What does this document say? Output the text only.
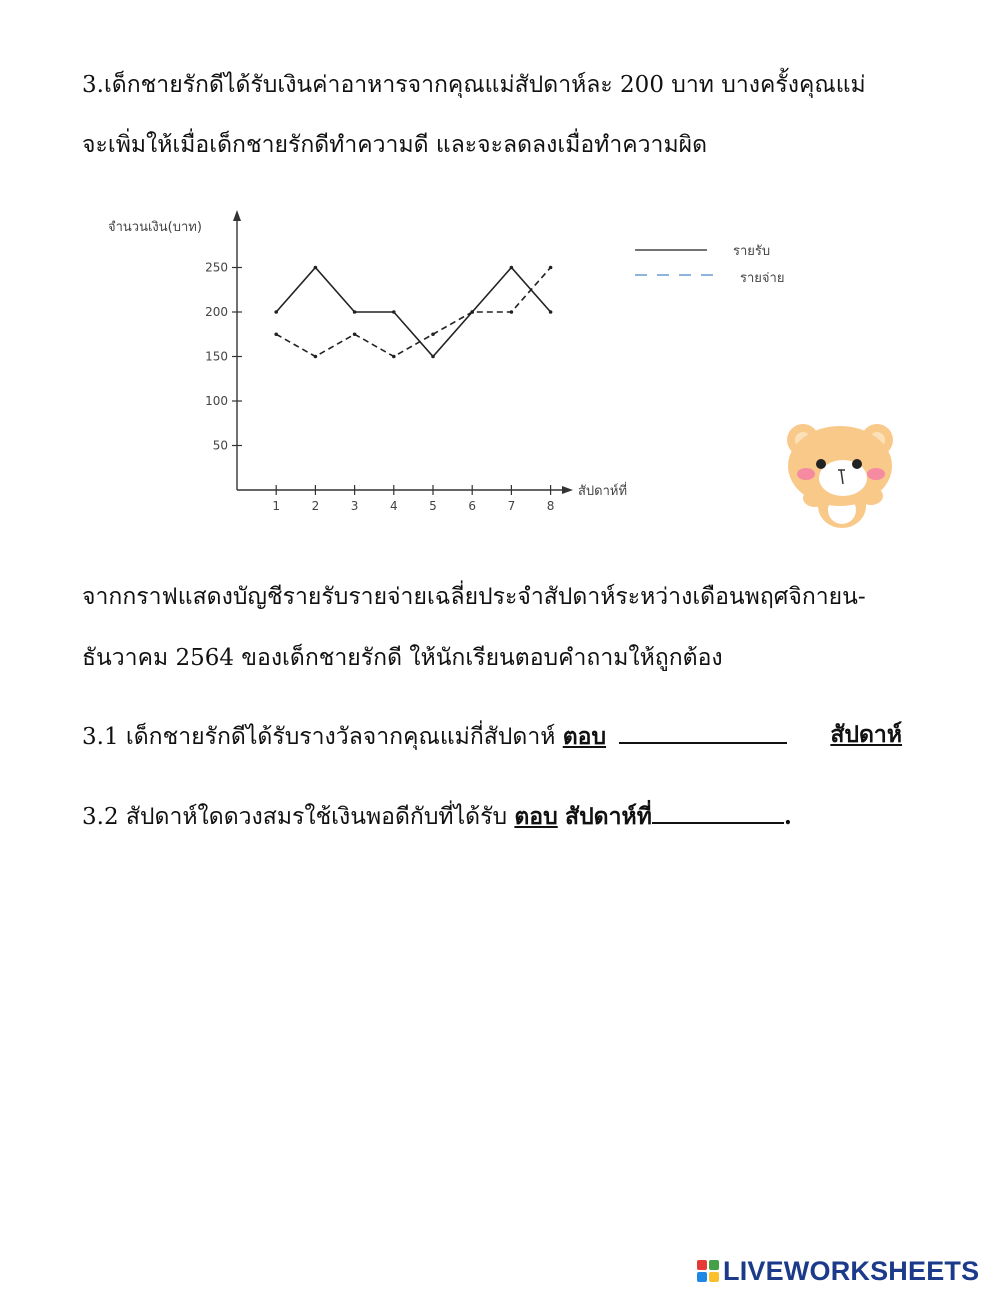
3.เด็กชายรักดีได้รับเงินค่าอาหารจากคุณแม่สัปดาห์ละ 200 บาท บางครั้งคุณแม่

จะเพิ่มให้เมื่อเด็กชายรักดีทำความดี และจะลดลงเมื่อทำความผิด

จำนวนเงิน(บาท)
สัปดาห์ที่
50
100
150
200
250
1	2	3	4	5	6	7	8
รายรับ
รายจ่าย

จากกราฟแสดงบัญชีรายรับรายจ่ายเฉลี่ยประจำสัปดาห์ระหว่างเดือนพฤศจิกายน-

ธันวาคม 2564 ของเด็กชายรักดี ให้นักเรียนตอบคำถามให้ถูกต้อง

3.1 เด็กชายรักดีได้รับรางวัลจากคุณแม่กี่สัปดาห์ ตอบ	สัปดาห์
3.2 สัปดาห์ใดดวงสมรใช้เงินพอดีกับที่ได้รับ ตอบ สัปดาห์ที่	.
LIVEWORKSHEETS
